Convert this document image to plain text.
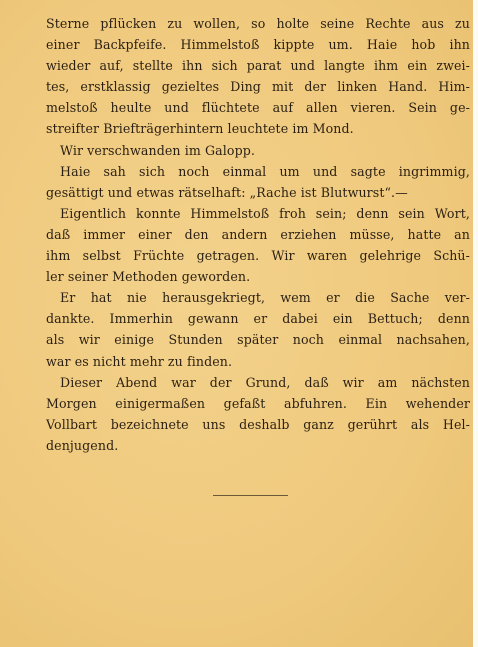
Sterne pflücken zu wollen, so holte seine Rechte aus zu
einer Backpfeife. Himmelstoß kippte um. Haie hob ihn
wieder auf, stellte ihn sich parat und langte ihm ein zwei-
tes, erstklassig gezieltes Ding mit der linken Hand. Him-
melstoß heulte und flüchtete auf allen vieren. Sein ge-
streifter Briefträgerhintern leuchtete im Mond.
Wir verschwanden im Galopp.
Haie sah sich noch einmal um und sagte ingrimmig,
gesättigt und etwas rätselhaft: „Rache ist Blutwurst“.—
Eigentlich konnte Himmelstoß froh sein; denn sein Wort,
daß immer einer den andern erziehen müsse, hatte an
ihm selbst Früchte getragen. Wir waren gelehrige Schü-
ler seiner Methoden geworden.
Er hat nie herausgekriegt, wem er die Sache ver-
dankte. Immerhin gewann er dabei ein Bettuch; denn
als wir einige Stunden später noch einmal nachsahen,
war es nicht mehr zu finden.
Dieser Abend war der Grund, daß wir am nächsten
Morgen einigermaßen gefaßt abfuhren. Ein wehender
Vollbart bezeichnete uns deshalb ganz gerührt als Hel-
denjugend.
